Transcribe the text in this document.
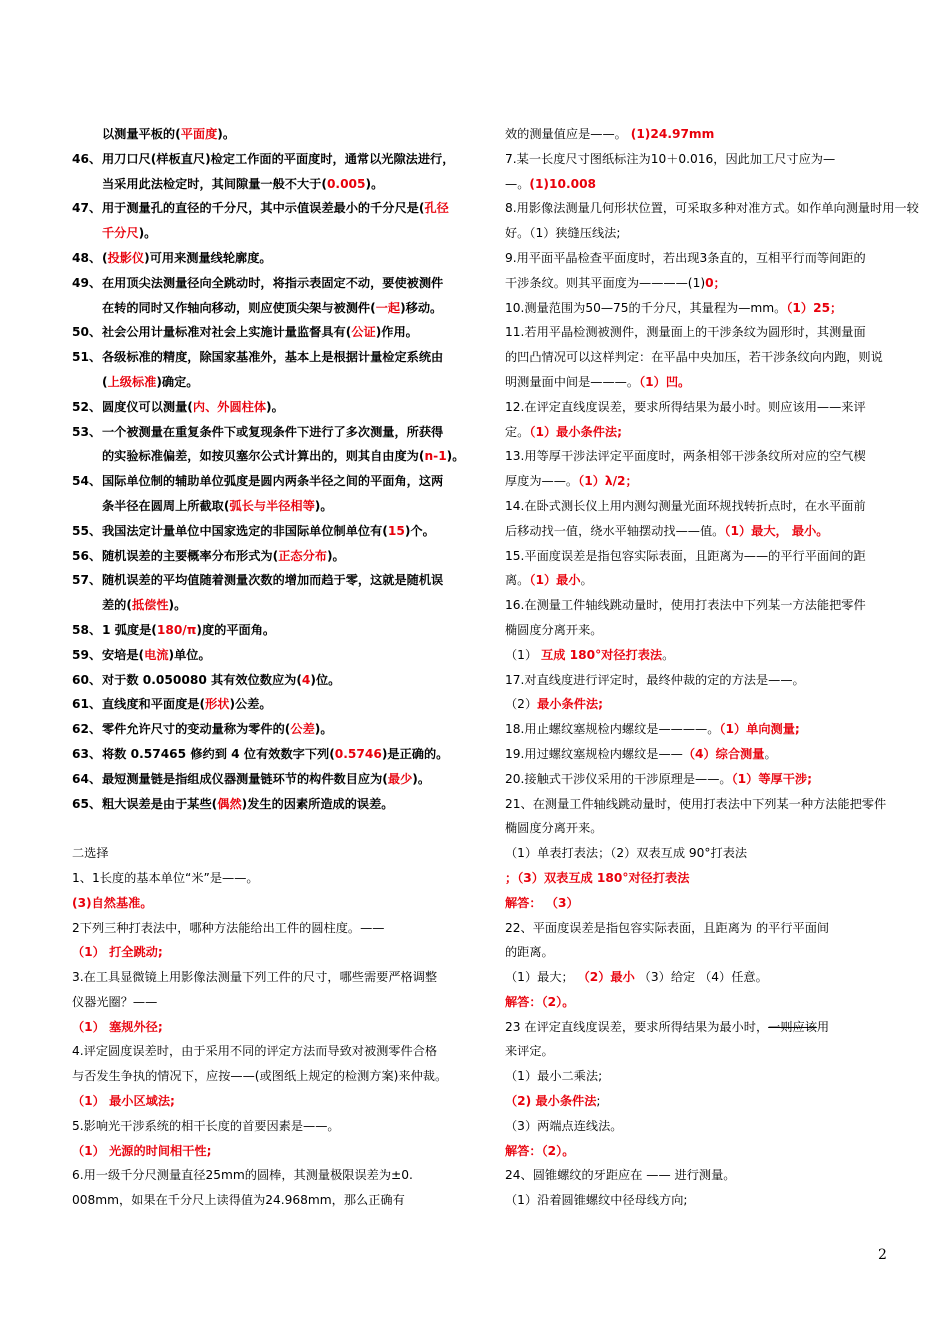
以测量平板的(平面度)。
46、用刀口尺(样板直尺)检定工作面的平面度时，通常以光隙法进行，
当采用此法检定时，其间隙量一般不大于(0.005)。
47、用于测量孔的直径的千分尺，其中示值误差最小的千分尺是(孔径
千分尺)。
48、(投影仪)可用来测量线轮廓度。
49、在用顶尖法测量径向全跳动时，将指示表固定不动，要使被测件
在转的同时又作轴向移动，则应使顶尖架与被测件(一起)移动。
50、社会公用计量标准对社会上实施计量监督具有(公证)作用。
51、各级标准的精度，除国家基准外，基本上是根据计量检定系统由
(上级标准)确定。
52、圆度仪可以测量(内、外圆柱体)。
53、一个被测量在重复条件下或复现条件下进行了多次测量，所获得
的实验标准偏差，如按贝塞尔公式计算出的，则其自由度为(n-1)。
54、国际单位制的辅助单位弧度是圆内两条半径之间的平面角，这两
条半径在圆周上所截取(弧长与半径相等)。
55、我国法定计量单位中国家选定的非国际单位制单位有(15)个。
56、随机误差的主要概率分布形式为(正态分布)。
57、随机误差的平均值随着测量次数的增加而趋于零，这就是随机误
差的(抵偿性)。
58、1 弧度是(180/π)度的平面角。
59、安培是(电流)单位。
60、对于数 0.050080 其有效位数应为(4)位。
61、直线度和平面度是(形状)公差。
62、零件允许尺寸的变动量称为零件的(公差)。
63、将数 0.57465 修约到 4 位有效数字下列(0.5746)是正确的。
64、最短测量链是指组成仪器测量链环节的构件数目应为(最少)。
65、粗大误差是由于某些(偶然)发生的因素所造成的误差。
二选择
1、1长度的基本单位“米”是——。
(3)自然基准。
2下列三种打表法中，哪种方法能给出工件的圆柱度。——
（1） 打全跳动;
3.在工具显微镜上用影像法测量下列工件的尺寸，哪些需要严格调整
仪器光圈？——
（1） 塞规外径;
4.评定圆度误差时，由于采用不同的评定方法而导致对被测零件合格
与否发生争执的情况下，应按——(或图纸上规定的检测方案)来仲裁。
（1） 最小区域法;
5.影响光干涉系统的相干长度的首要因素是——。
（1） 光源的时间相干性;
6.用一级千分尺测量直径25mm的圆棒，其测量极限误差为±0.
008mm，如果在千分尺上读得值为24.968mm，那么正确有
效的测量值应是——。 (1)24.97mm
7.某一长度尺寸图纸标注为10＋0.016，因此加工尺寸应为—
—。(1)10.008
8.用影像法测量几何形状位置，可采取多种对准方式。如作单向测量时用一较
好。（1）狭缝压线法;
9.用平面平晶检查平面度时，若出现3条直的，互相平行而等间距的
干涉条纹。则其平面度为————(1)0；
10.测量范围为50—75的千分尺，其量程为—mm。（1）25；
11.若用平晶检测被测件，测量面上的干涉条纹为圆形时，其测量面
的凹凸情况可以这样判定：在平晶中央加压，若干涉条纹向内跑，则说
明测量面中间是———。（1）凹。
12.在评定直线度误差，要求所得结果为最小时。则应该用——来评
定。（1）最小条件法;
13.用等厚干涉法评定平面度时，两条相邻干涉条纹所对应的空气楔
厚度为——。（1）λ/2；
14.在卧式测长仪上用内测勾测量光面环规找转折点时，在水平面前
后移动找一值，绕水平轴摆动找——值。（1）最大， 最小。
15.平面度误差是指包容实际表面，且距离为——的平行平面间的距
离。（1）最小。
16.在测量工件轴线跳动量时，使用打表法中下列某一方法能把零件
椭圆度分离开来。
（1） 互成 180°对径打表法。
17.对直线度进行评定时，最终仲裁的定的方法是——。
（2）最小条件法;
18.用止螺纹塞规检内螺纹是————。（1）单向测量;
19.用过螺纹塞规检内螺纹是——（4）综合测量。
20.接触式干涉仪采用的干涉原理是——。（1）等厚干涉;
21、在测量工件轴线跳动量时，使用打表法中下列某一种方法能把零件
椭圆度分离开来。
（1）单表打表法；（2）双表互成 90°打表法
；（3）双表互成 180°对径打表法
解答： （3）
22、平面度误差是指包容实际表面，且距离为 的平行平面间
的距离。
（1）最大； （2）最小 （3）给定 （4）任意。
解答：（2）。
23 在评定直线度误差，要求所得结果为最小时，一则应该用
来评定。
（1）最小二乘法;
（2) 最小条件法;
（3）两端点连线法。
解答：（2）。
24、圆锥螺纹的牙距应在 —— 进行测量。
（1）沿着圆锥螺纹中径母线方向;
2
